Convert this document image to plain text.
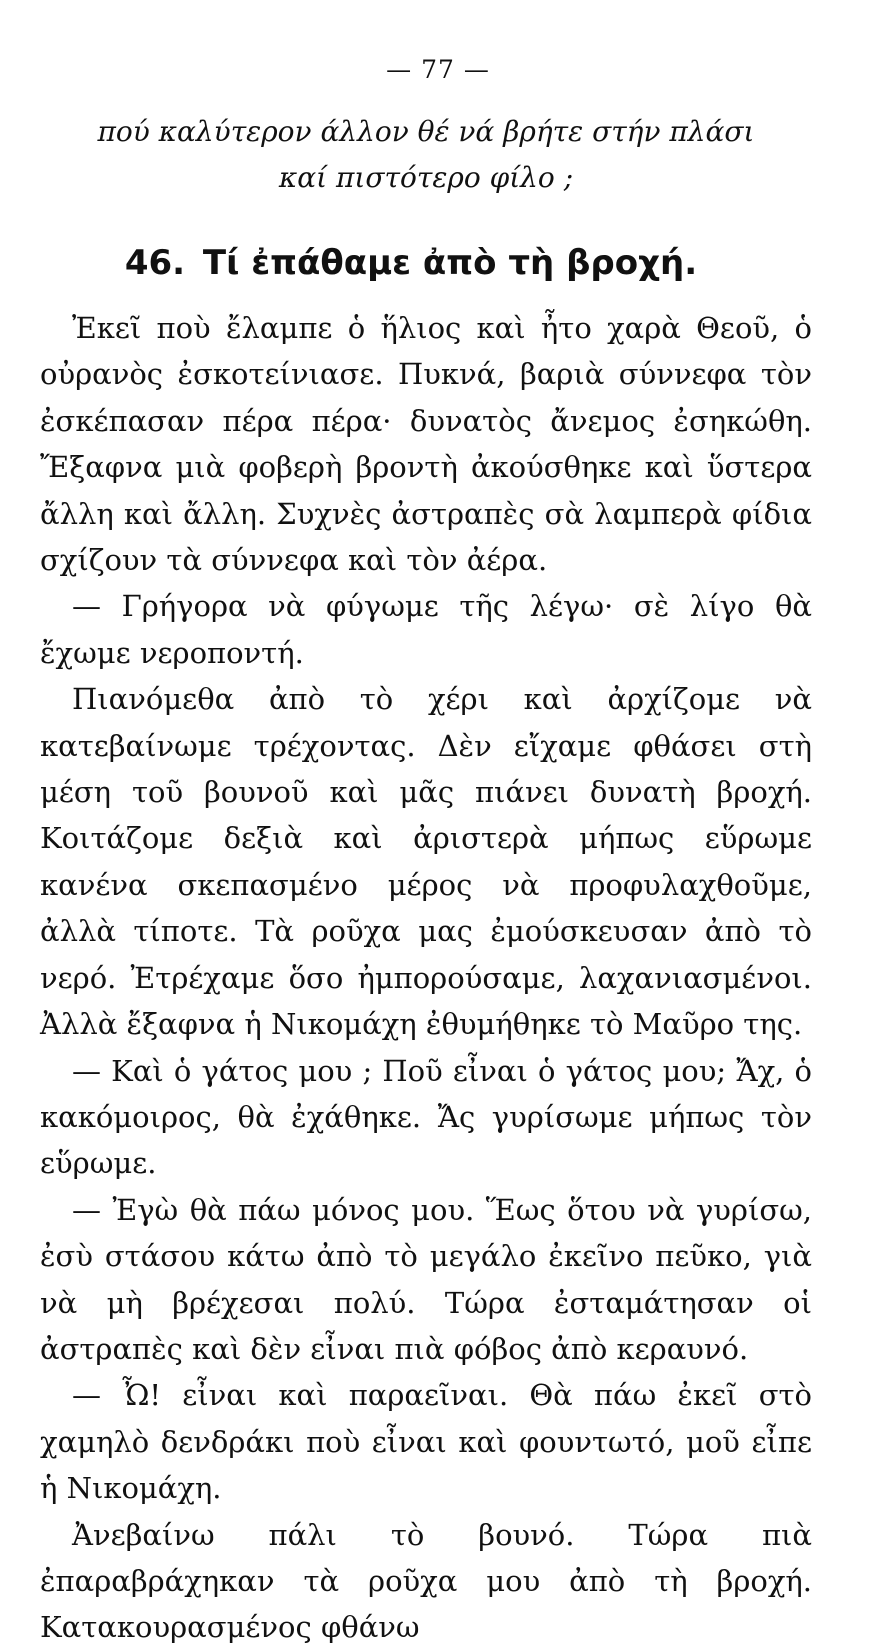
— 77 —
πού καλύτερον άλλον θέ νά βρήτε στήν πλάσι
καί πιστότερο φίλο ;
46. Τί ἐπάθαμε ἀπὸ τὴ βροχή.

Ἐκεῖ ποὺ ἔλαμπε ὁ ἥλιος καὶ ἦτο χαρὰ Θεοῦ, ὁ οὐρανὸς ἐσκοτείνιασε. Πυκνά, βαριὰ σύννεφα τὸν ἐσκέπασαν πέρα πέρα· δυνατὸς ἄνεμος ἐσηκώθη. Ἔξαφνα μιὰ φοβερὴ βροντὴ ἀκούσθηκε καὶ ὕστερα ἄλλη καὶ ἄλλη. Συχνὲς ἀστραπὲς σὰ λαμπερὰ φίδια σχίζουν τὰ σύννεφα καὶ τὸν ἀέρα.

— Γρήγορα νὰ φύγωμε τῆς λέγω· σὲ λίγο θὰ ἔχωμε νεροποντή.

Πιανόμεθα ἀπὸ τὸ χέρι καὶ ἀρχίζομε νὰ κατεβαίνωμε τρέχοντας. Δὲν εἴχαμε φθάσει στὴ μέση τοῦ βουνοῦ καὶ μᾶς πιάνει δυνατὴ βροχή. Κοιτάζομε δεξιὰ καὶ ἀριστερὰ μήπως εὕρωμε κανένα σκεπασμένο μέρος νὰ προφυλαχθοῦμε, ἀλλὰ τίποτε. Τὰ ροῦχα μας ἐμούσκευσαν ἀπὸ τὸ νερό. Ἐτρέχαμε ὅσο ἠμπορούσαμε, λαχανιασμένοι. Ἀλλὰ ἔξαφνα ἡ Νικομάχη ἐθυμήθηκε τὸ Μαῦρο της.

— Καὶ ὁ γάτος μου ; Ποῦ εἶναι ὁ γάτος μου; Ἄχ, ὁ κακόμοιρος, θὰ ἐχάθηκε. Ἄς γυρίσωμε μήπως τὸν εὕρωμε.

— Ἐγὼ θὰ πάω μόνος μου. Ἕως ὅτου νὰ γυρίσω, ἐσὺ στάσου κάτω ἀπὸ τὸ μεγάλο ἐκεῖνο πεῦκο, γιὰ νὰ μὴ βρέχεσαι πολύ. Τώρα ἐσταμάτησαν οἱ ἀστραπὲς καὶ δὲν εἶναι πιὰ φόβος ἀπὸ κεραυνό.

— Ὦ! εἶναι καὶ παραεῖναι. Θὰ πάω ἐκεῖ στὸ χαμηλὸ δενδράκι ποὺ εἶναι καὶ φουντωτό, μοῦ εἶπε ἡ Νικομάχη.

Ἀνεβαίνω πάλι τὸ βουνό. Τώρα πιὰ ἐπαραβράχηκαν τὰ ροῦχα μου ἀπὸ τὴ βροχή. Κατακουρασμένος φθάνω
